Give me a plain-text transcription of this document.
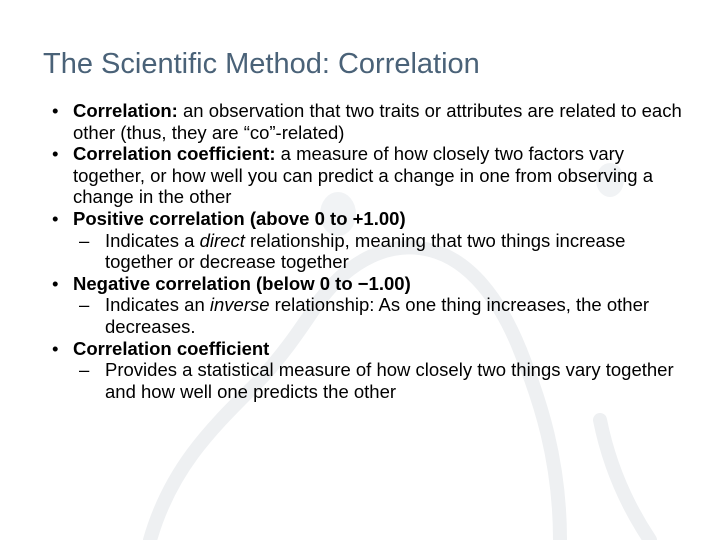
The Scientific Method: Correlation
• Correlation: an observation that two traits or attributes are related to each other (thus, they are “co”-related)
• Correlation coefficient: a measure of how closely two factors vary together, or how well you can predict a change in one from observing a change in the other
• Positive correlation (above 0 to +1.00)
– Indicates a direct relationship, meaning that two things increase together or decrease together
• Negative correlation (below 0 to −1.00)
– Indicates an inverse relationship: As one thing increases, the other decreases.
• Correlation coefficient
– Provides a statistical measure of how closely two things vary together and how well one predicts the other
